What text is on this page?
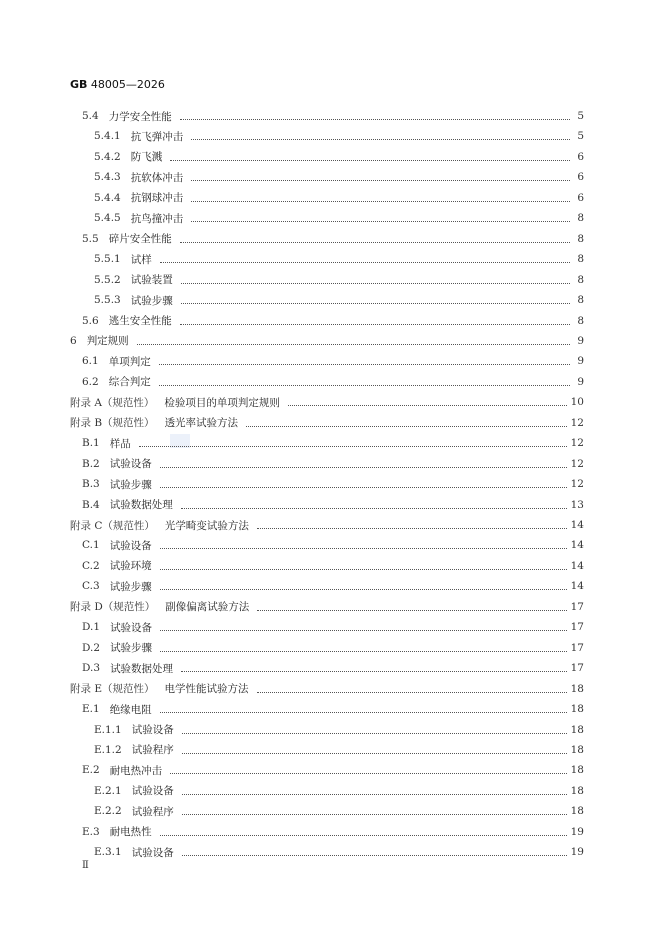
GB 48005—2026
5.4 力学安全性能	5
5.4.1 抗飞弹冲击	5
5.4.2 防飞溅	6
5.4.3 抗软体冲击	6
5.4.4 抗钢球冲击	6
5.4.5 抗鸟撞冲击	8
5.5 碎片安全性能	8
5.5.1 试样	8
5.5.2 试验装置	8
5.5.3 试验步骤	8
5.6 逃生安全性能	8
6 判定规则	9
6.1 单项判定	9
6.2 综合判定	9
附录 A（规范性） 检验项目的单项判定规则	10
附录 B（规范性） 透光率试验方法	12
B.1 样品	12
B.2 试验设备	12
B.3 试验步骤	12
B.4 试验数据处理	13
附录 C（规范性） 光学畸变试验方法	14
C.1 试验设备	14
C.2 试验环境	14
C.3 试验步骤	14
附录 D（规范性） 副像偏离试验方法	17
D.1 试验设备	17
D.2 试验步骤	17
D.3 试验数据处理	17
附录 E（规范性） 电学性能试验方法	18
E.1 绝缘电阻	18
E.1.1 试验设备	18
E.1.2 试验程序	18
E.2 耐电热冲击	18
E.2.1 试验设备	18
E.2.2 试验程序	18
E.3 耐电热性	19
E.3.1 试验设备	19
Ⅱ
